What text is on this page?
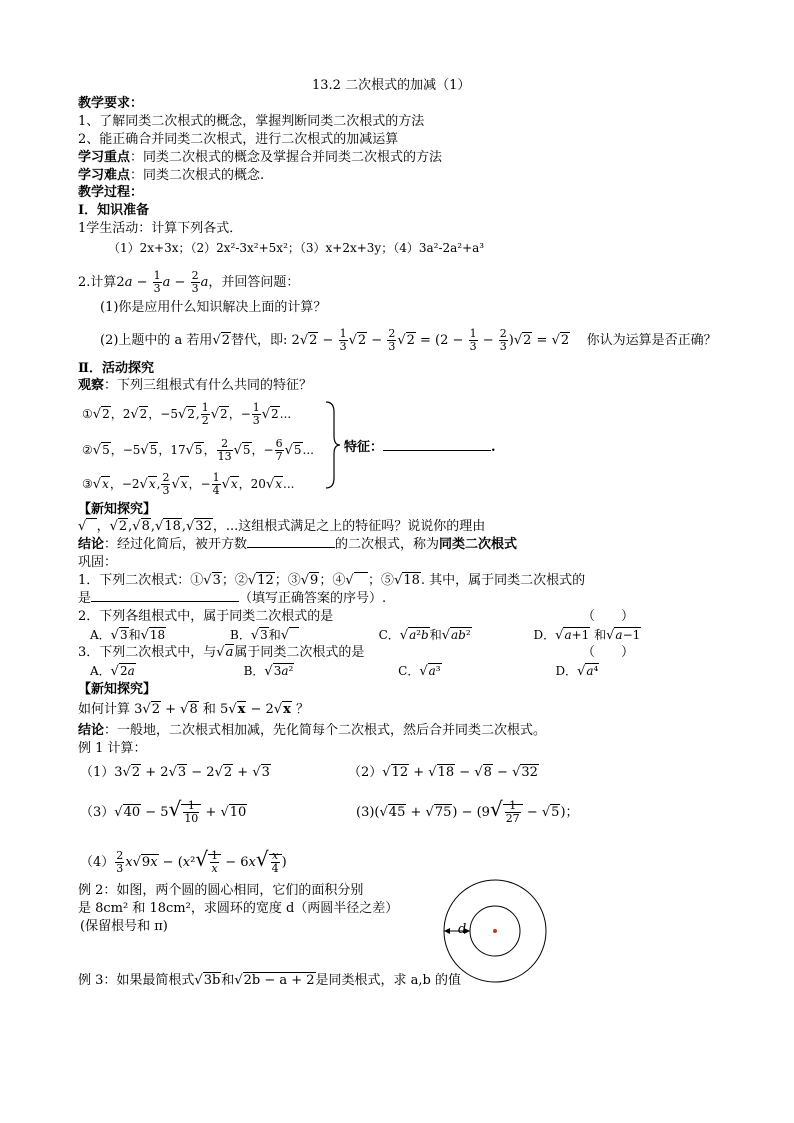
13.2 二次根式的加减（1）
教学要求：
1、了解同类二次根式的概念，掌握判断同类二次根式的方法
2、能正确合并同类二次根式，进行二次根式的加减运算
学习重点：同类二次根式的概念及掌握合并同类二次根式的方法
学习难点：同类二次根式的概念.
教学过程：
Ⅰ．知识准备
1学生活动：计算下列各式．
（1）2x+3x；（2）2x²-3x²+5x²；（3）x+2x+3y；（4）3a²-2a²+a³
2.计算$2a - \frac{1}{3}$ $a - \frac{2}{3}$ a，并回答问题：
(1)你是应用什么知识解决上面的计算？
(2)上题中的 a 若用√2替代，即: $2√2 - \frac{1}{3} √2 - \frac{2}{3} √2 = (2 - \frac{1}{3} - \frac{2}{3} )√2 = √2$ 你认为运算是否正确？
Ⅱ．活动探究
观察：下列三组根式有什么共同的特征？
①√2，2√2，−5√2, $\frac{1}{2} √2$，− $\frac{1}{3} √2$...
②√5，−5√5，17√5， $\frac{2}{13} √5$，− $\frac{6}{7} √5$...
③√x，−2√x, $\frac{2}{3} √x$，− $\frac{1}{4} √x$，20√x...
特征：	.
【新知探究】
√ ，√2,√8,√18,√32，...这组根式满足之上的特征吗？说说你的理由
结论：经过化简后，被开方数	的二次根式，称为同类二次根式
巩固：
1．下列二次根式：①√3；②√12；③√9；④√ ；⑤√18. 其中，属于同类二次根式的
是	（填写正确答案的序号）.
2．下列各组根式中，属于同类二次根式的是	（　　）
A．√3和√18	B．√3和√	C．√a²b和√ab²	D．√a+1 和√a−1
3．下列二次根式中，与√a属于同类二次根式的是	（　　）
A．√2a	B．√3a²	C．√a³	D．√a⁴
【新知探究】
如何计算 3√2 + √8 和 5√x − 2√x ？
结论：一般地，二次根式相加减，先化简每个二次根式，然后合并同类二次根式。
例 1 计算：
（1）3√2 + 2√3 − 2√2 + √3	（2）√12 + √18 − √8 − √32
$(3)√40 - 5√ \frac{1}{10} + √10$	$(3)(√45 + √75) - (9√ \frac{1}{27} - √5)$；
$(4) \frac{2}{3} x√9x - (x^2√ \frac{1}{x} - 6x√ \frac{x}{4}$ )
例 2：如图，两个圆的圆心相同，它们的面积分别
是 8cm² 和 18cm²，求圆环的宽度 d（两圆半径之差）
(保留根号和 π)	d
例 3：如果最简根式√3b和√2b − a + 2是同类根式，求 a,b 的值
